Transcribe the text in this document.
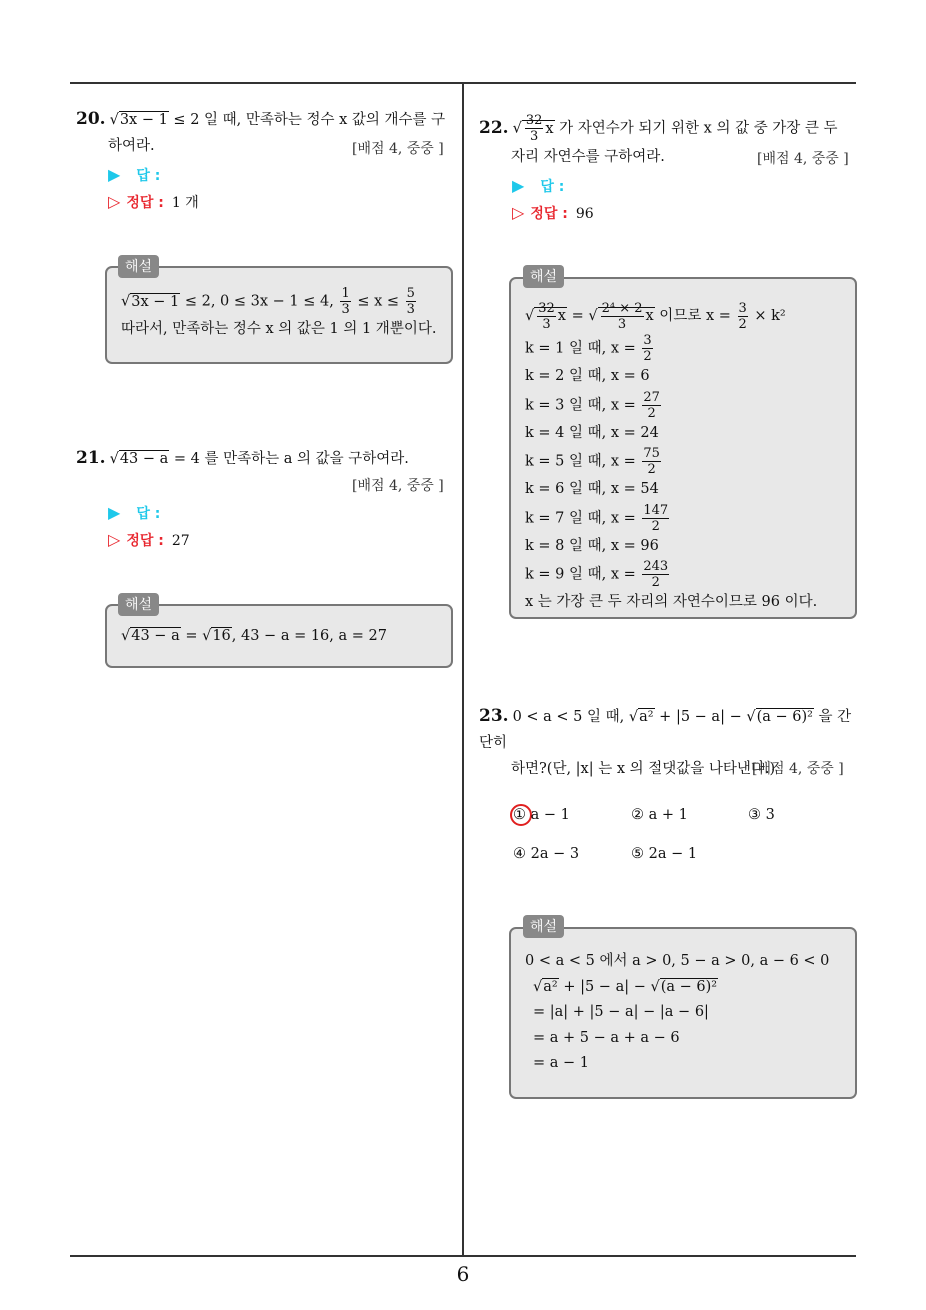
20. √3x − 1 ≤ 2 일 때, 만족하는 정수 x 값의 개수를 구
하여라.	[배점 4, 중중 ]
▶ 답 :
▷ 정답 : 1 개
√3x − 1 ≤ 2, 0 ≤ 3x − 1 ≤ 4, $\frac{1}{3} \le x \le \frac{5}{3}$
따라서, 만족하는 정수 x 의 값은 1 의 1 개뿐이다.
해설
21. √43 − a = 4 를 만족하는 a 의 값을 구하여라.
[배점 4, 중중 ]
▶ 답 :
▷ 정답 : 27
√43 − a = √16, 43 − a = 16, a = 27
해설
22. √ $\frac{32}{3}$ x 가 자연수가 되기 위한 x 의 값 중 가장 큰 두
자리 자연수를 구하여라.	[배점 4, 중중 ]
▶ 답 :
▷ 정답 : 96
√ $\frac{32}{3}$ x = √ $\frac{\text{2⁴ × 2}}{3}$ x 이므로 $x = \frac{3}{2} \times k^2$
k = 1 일 때, $x = \frac{3}{2}$
k = 2 일 때, x = 6
k = 3 일 때, $x = \frac{27}{2}$
k = 4 일 때, x = 24
k = 5 일 때, $x = \frac{75}{2}$
k = 6 일 때, x = 54
k = 7 일 때, $x = \frac{147}{2}$
k = 8 일 때, x = 96
k = 9 일 때, $x = \frac{243}{2}$
x 는 가장 큰 두 자리의 자연수이므로 96 이다.
해설
23. 0 < a < 5 일 때, √a² + |5 − a| − √(a − 6)² 을 간단히
하면?(단, |x| 는 x 의 절댓값을 나타낸다.)
[배점 4, 중중 ]
① a − 1	② a + 1	③ 3
④ 2a − 3	⑤ 2a − 1
0 < a < 5 에서 a > 0, 5 − a > 0, a − 6 < 0
√a² + |5 − a| − √(a − 6)²
= |a| + |5 − a| − |a − 6|
= a + 5 − a + a − 6
= a − 1
해설
6
